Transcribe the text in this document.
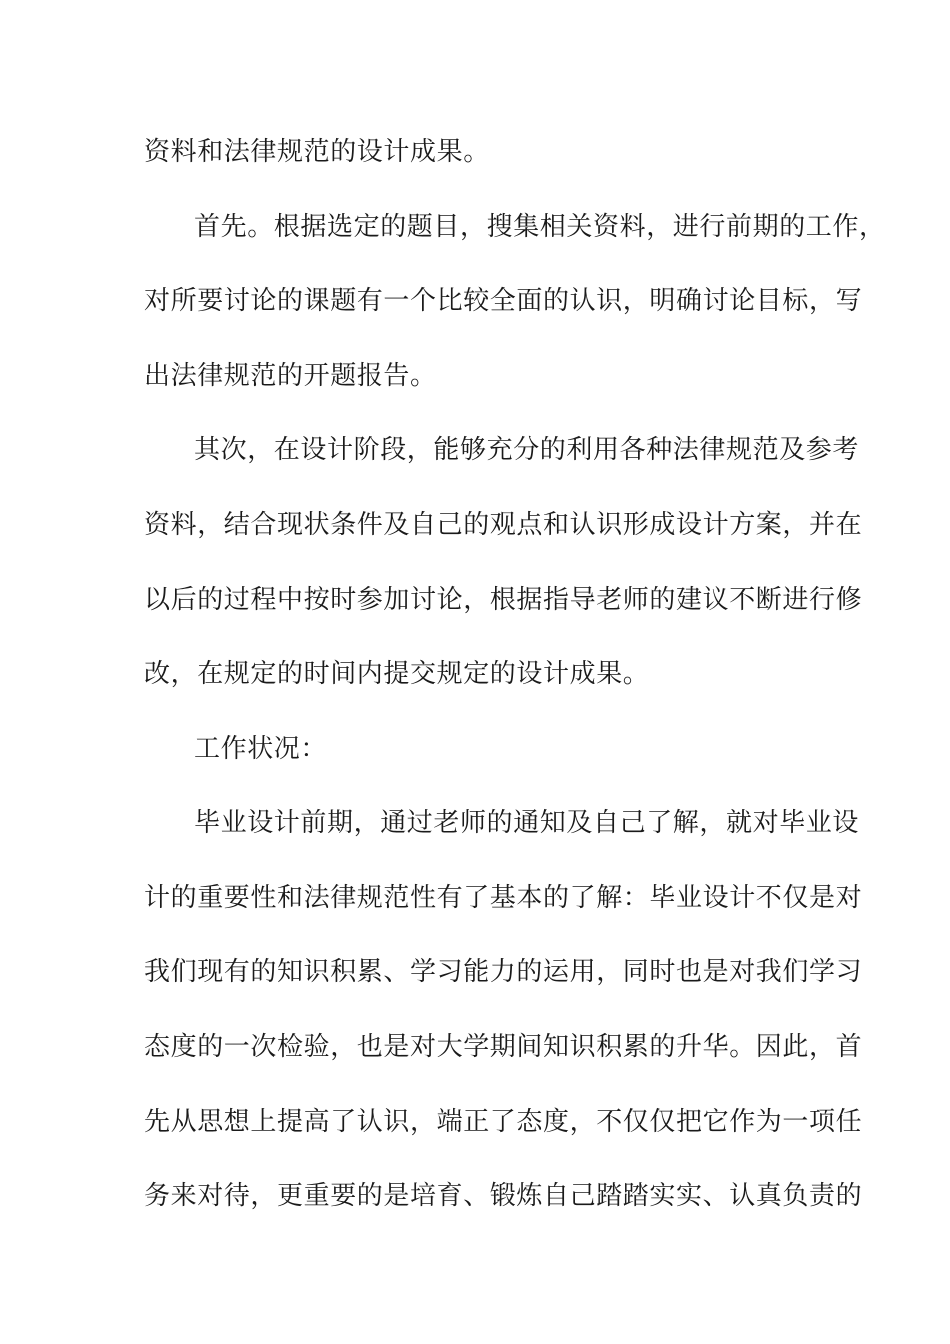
资料和法律规范的设计成果。
首先。根据选定的题目，搜集相关资料，进行前期的工作，
对所要讨论的课题有一个比较全面的认识，明确讨论目标，写
出法律规范的开题报告。
其次，在设计阶段，能够充分的利用各种法律规范及参考
资料，结合现状条件及自己的观点和认识形成设计方案，并在
以后的过程中按时参加讨论，根据指导老师的建议不断进行修
改，在规定的时间内提交规定的设计成果。
工作状况：
毕业设计前期，通过老师的通知及自己了解，就对毕业设
计的重要性和法律规范性有了基本的了解：毕业设计不仅是对
我们现有的知识积累、学习能力的运用，同时也是对我们学习
态度的一次检验，也是对大学期间知识积累的升华。因此，首
先从思想上提高了认识，端正了态度，不仅仅把它作为一项任
务来对待，更重要的是培育、锻炼自己踏踏实实、认真负责的
